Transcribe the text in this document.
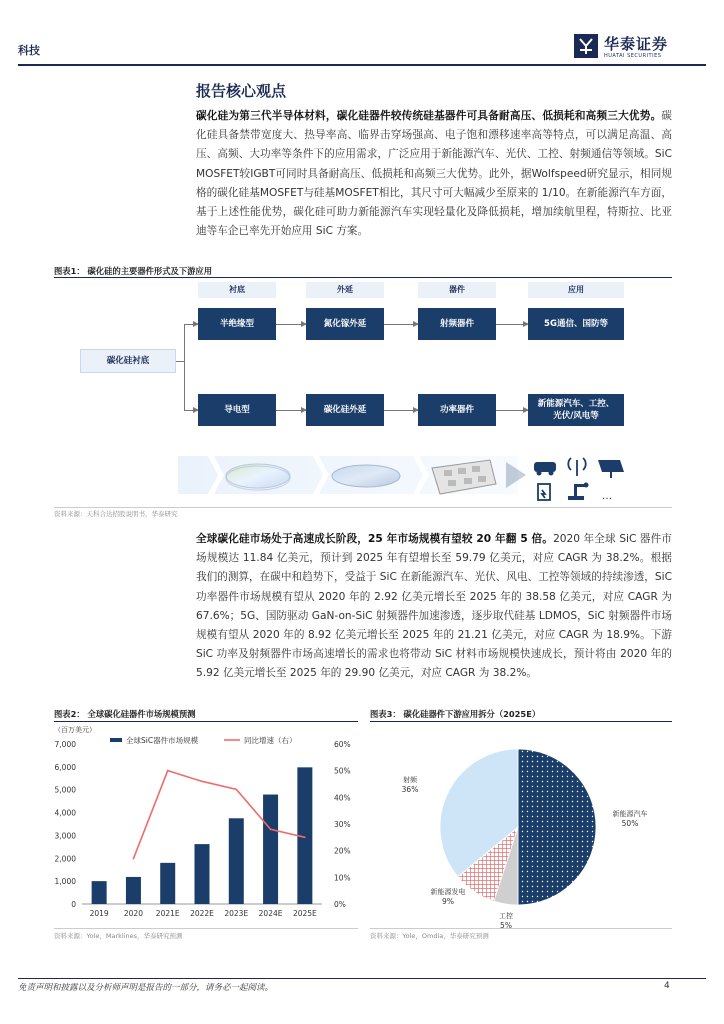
科技	华泰证券
HUATAI SECURITIES
报告核心观点
碳化硅为第三代半导体材料，碳化硅器件较传统硅基器件可具备耐高压、低损耗和高频三大优势。碳化硅具备禁带宽度大、热导率高、临界击穿场强高、电子饱和漂移速率高等特点，可以满足高温、高压、高频、大功率等条件下的应用需求，广泛应用于新能源汽车、光伏、工控、射频通信等领域。SiC MOSFET较IGBT可同时具备耐高压、低损耗和高频三大优势。此外，据Wolfspeed研究显示，相同规格的碳化硅基MOSFET与硅基MOSFET相比，其尺寸可大幅减少至原来的 1/10。在新能源汽车方面，基于上述性能优势，碳化硅可助力新能源汽车实现轻量化及降低损耗，增加续航里程，特斯拉、比亚迪等车企已率先开始应用 SiC 方案。
图表1： 碳化硅的主要器件形式及下游应用
衬底	外延	器件	应用
碳化硅衬底
半绝缘型	氮化镓外延	射频器件	5G通信、国防等
导电型	碳化硅外延	功率器件
新能源汽车、工控、光伏/风电等
…
资料来源：天科合达招股说明书，华泰研究
全球碳化硅市场处于高速成长阶段，25 年市场规模有望较 20 年翻 5 倍。2020 年全球 SiC 器件市场规模达 11.84 亿美元，预计到 2025 年有望增长至 59.79 亿美元，对应 CAGR 为 38.2%。根据我们的测算，在碳中和趋势下，受益于 SiC 在新能源汽车、光伏、风电、工控等领域的持续渗透，SiC 功率器件市场规模有望从 2020 年的 2.92 亿美元增长至 2025 年的 38.58 亿美元，对应 CAGR 为 67.6%；5G、国防驱动 GaN-on-SiC 射频器件加速渗透，逐步取代硅基 LDMOS，SiC 射频器件市场规模有望从 2020 年的 8.92 亿美元增长至 2025 年的 21.21 亿美元，对应 CAGR 为 18.9%。下游 SiC 功率及射频器件市场高速增长的需求也将带动 SiC 材料市场规模快速成长，预计将由 2020 年的 5.92 亿美元增长至 2025 年的 29.90 亿美元，对应 CAGR 为 38.2%。
图表2： 全球碳化硅器件市场规模预测
（百万美元）
0
1,000
2,000
3,000
4,000
5,000
6,000
7,000
0%
10%
20%
30%
40%
50%
60%
2019 2020 2021E 2022E 2023E 2024E 2025E
全球SiC器件市场规模	同比增速（右）
资料来源：Yole，Marklines，华泰研究预测
图表3： 碳化硅器件下游应用拆分（2025E）
新能源汽车
50%
工控
5%
新能源发电
9%
射频
36%
资料来源：Yole，Omdia，华泰研究预测
免责声明和披露以及分析师声明是报告的一部分，请务必一起阅读。	4
